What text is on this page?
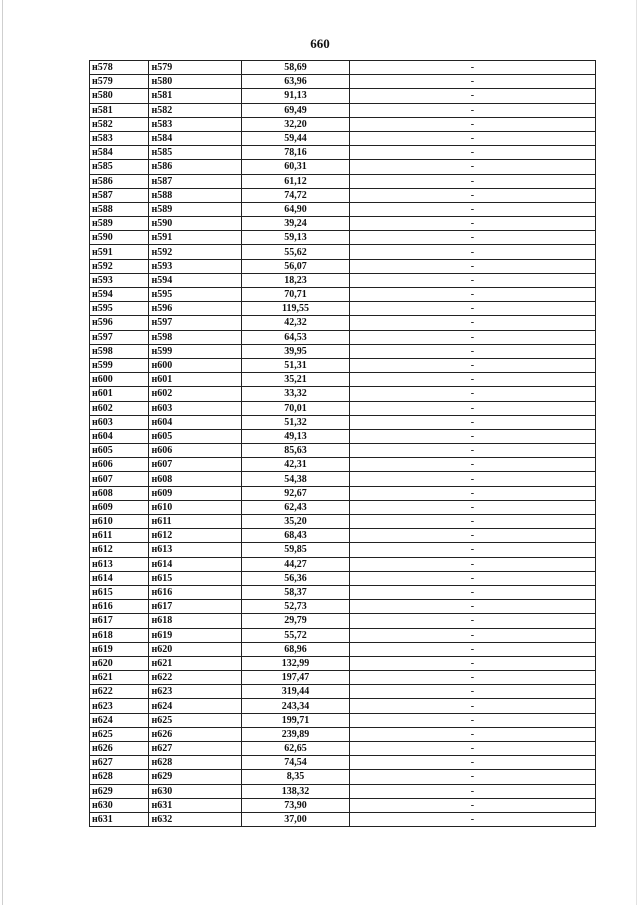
660
н578	н579	58,69	-
н579	н580	63,96	-
н580	н581	91,13	-
н581	н582	69,49	-
н582	н583	32,20	-
н583	н584	59,44	-
н584	н585	78,16	-
н585	н586	60,31	-
н586	н587	61,12	-
н587	н588	74,72	-
н588	н589	64,90	-
н589	н590	39,24	-
н590	н591	59,13	-
н591	н592	55,62	-
н592	н593	56,07	-
н593	н594	18,23	-
н594	н595	70,71	-
н595	н596	119,55	-
н596	н597	42,32	-
н597	н598	64,53	-
н598	н599	39,95	-
н599	н600	51,31	-
н600	н601	35,21	-
н601	н602	33,32	-
н602	н603	70,01	-
н603	н604	51,32	-
н604	н605	49,13	-
н605	н606	85,63	-
н606	н607	42,31	-
н607	н608	54,38	-
н608	н609	92,67	-
н609	н610	62,43	-
н610	н611	35,20	-
н611	н612	68,43	-
н612	н613	59,85	-
н613	н614	44,27	-
н614	н615	56,36	-
н615	н616	58,37	-
н616	н617	52,73	-
н617	н618	29,79	-
н618	н619	55,72	-
н619	н620	68,96	-
н620	н621	132,99	-
н621	н622	197,47	-
н622	н623	319,44	-
н623	н624	243,34	-
н624	н625	199,71	-
н625	н626	239,89	-
н626	н627	62,65	-
н627	н628	74,54	-
н628	н629	8,35	-
н629	н630	138,32	-
н630	н631	73,90	-
н631	н632	37,00	-
